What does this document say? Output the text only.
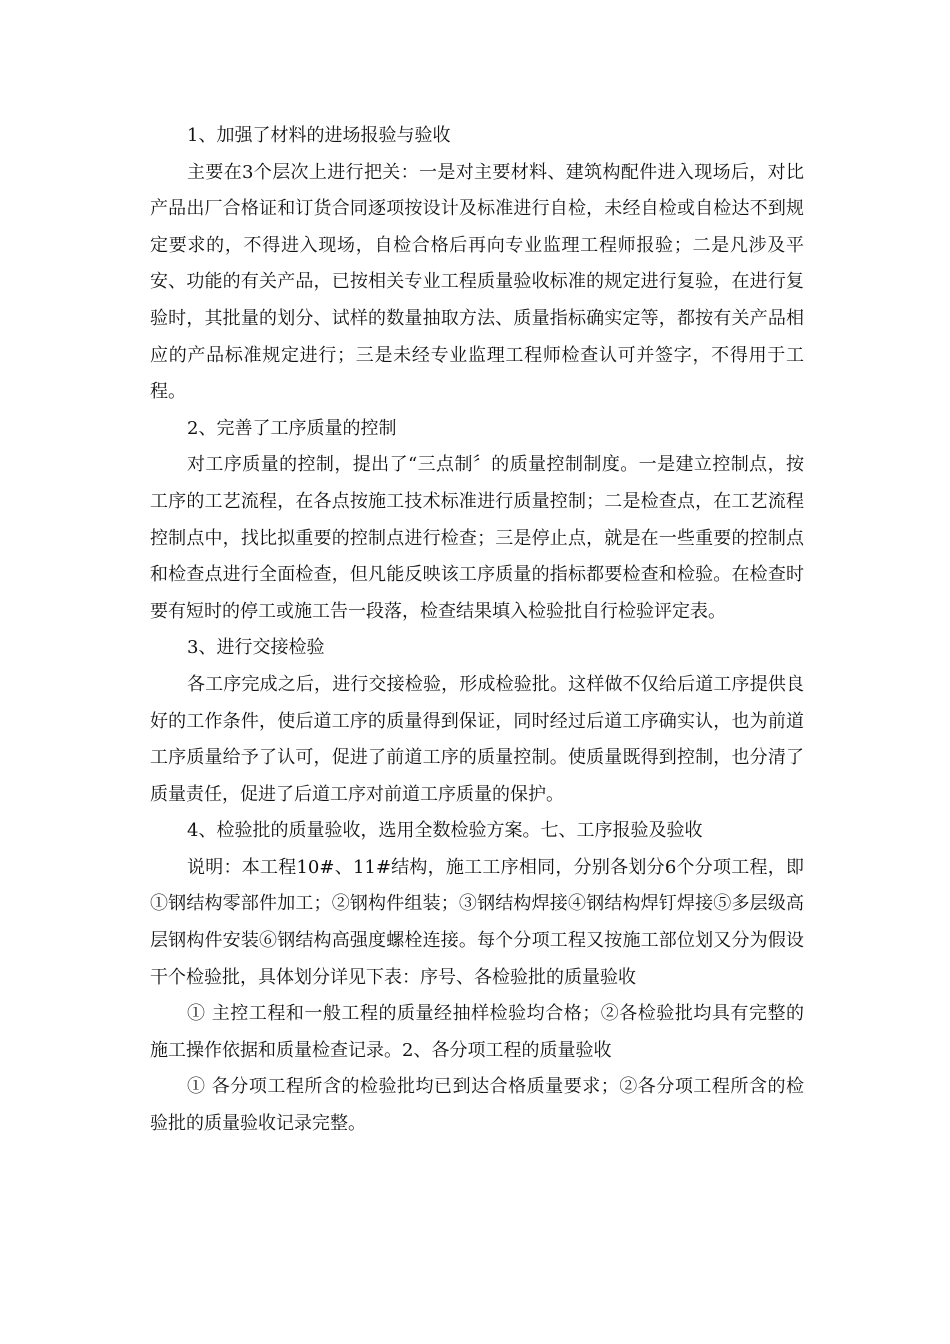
1、加强了材料的进场报验与验收

主要在3个层次上进行把关：一是对主要材料、建筑构配件进入现场后，对比产品出厂合格证和订货合同逐项按设计及标准进行自检，未经自检或自检达不到规定要求的，不得进入现场，自检合格后再向专业监理工程师报验；二是凡涉及平安、功能的有关产品，已按相关专业工程质量验收标准的规定进行复验，在进行复验时，其批量的划分、试样的数量抽取方法、质量指标确实定等，都按有关产品相应的产品标准规定进行；三是未经专业监理工程师检查认可并签字，不得用于工程。

2、完善了工序质量的控制

对工序质量的控制，提出了“三点制〞的质量控制制度。一是建立控制点，按工序的工艺流程，在各点按施工技术标准进行质量控制；二是检查点，在工艺流程控制点中，找比拟重要的控制点进行检查；三是停止点，就是在一些重要的控制点和检查点进行全面检查，但凡能反映该工序质量的指标都要检查和检验。在检查时要有短时的停工或施工告一段落，检查结果填入检验批自行检验评定表。

3、进行交接检验

各工序完成之后，进行交接检验，形成检验批。这样做不仅给后道工序提供良好的工作条件，使后道工序的质量得到保证，同时经过后道工序确实认，也为前道工序质量给予了认可，促进了前道工序的质量控制。使质量既得到控制，也分清了质量责任，促进了后道工序对前道工序质量的保护。

4、检验批的质量验收，选用全数检验方案。七、工序报验及验收

说明：本工程10#、11#结构，施工工序相同，分别各划分6个分项工程，即①钢结构零部件加工；②钢构件组装；③钢结构焊接④钢结构焊钉焊接⑤多层级高层钢构件安装⑥钢结构高强度螺栓连接。每个分项工程又按施工部位划又分为假设干个检验批，具体划分详见下表：序号、各检验批的质量验收

① 主控工程和一般工程的质量经抽样检验均合格；②各检验批均具有完整的施工操作依据和质量检查记录。2、各分项工程的质量验收

① 各分项工程所含的检验批均已到达合格质量要求；②各分项工程所含的检验批的质量验收记录完整。
